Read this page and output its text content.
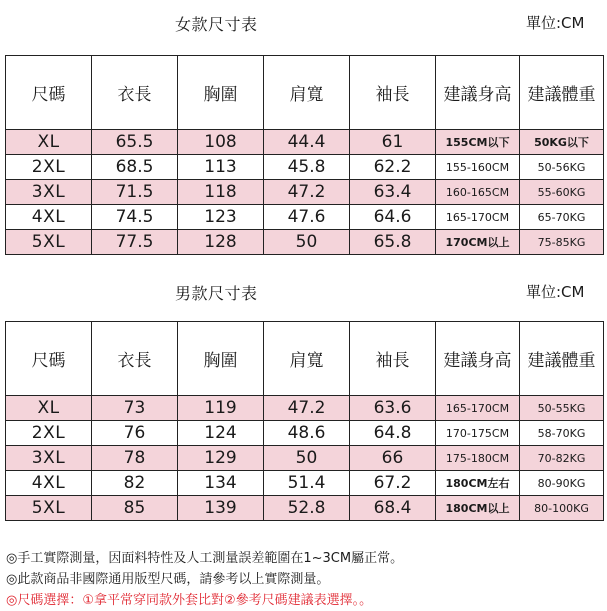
女款尺寸表	單位:CM
尺碼	衣長	胸圍	肩寬	袖長	建議身高	建議體重
XL	65.5	108	44.4	61	155CM以下	50KG以下
2XL	68.5	113	45.8	62.2	155-160CM	50-56KG
3XL	71.5	118	47.2	63.4	160-165CM	55-60KG
4XL	74.5	123	47.6	64.6	165-170CM	65-70KG
5XL	77.5	128	50	65.8	170CM以上	75-85KG
男款尺寸表	單位:CM
尺碼	衣長	胸圍	肩寬	袖長	建議身高	建議體重
XL	73	119	47.2	63.6	165-170CM	50-55KG
2XL	76	124	48.6	64.8	170-175CM	58-70KG
3XL	78	129	50	66	175-180CM	70-82KG
4XL	82	134	51.4	67.2	180CM左右	80-90KG
5XL	85	139	52.8	68.4	180CM以上	80-100KG
◎手工實際測量，因面料特性及人工測量誤差範圍在1~3CM屬正常。
◎此款商品非國際通用版型尺碼，請參考以上實際測量。
◎尺碼選擇：①拿平常穿同款外套比對②參考尺碼建議表選擇。。
